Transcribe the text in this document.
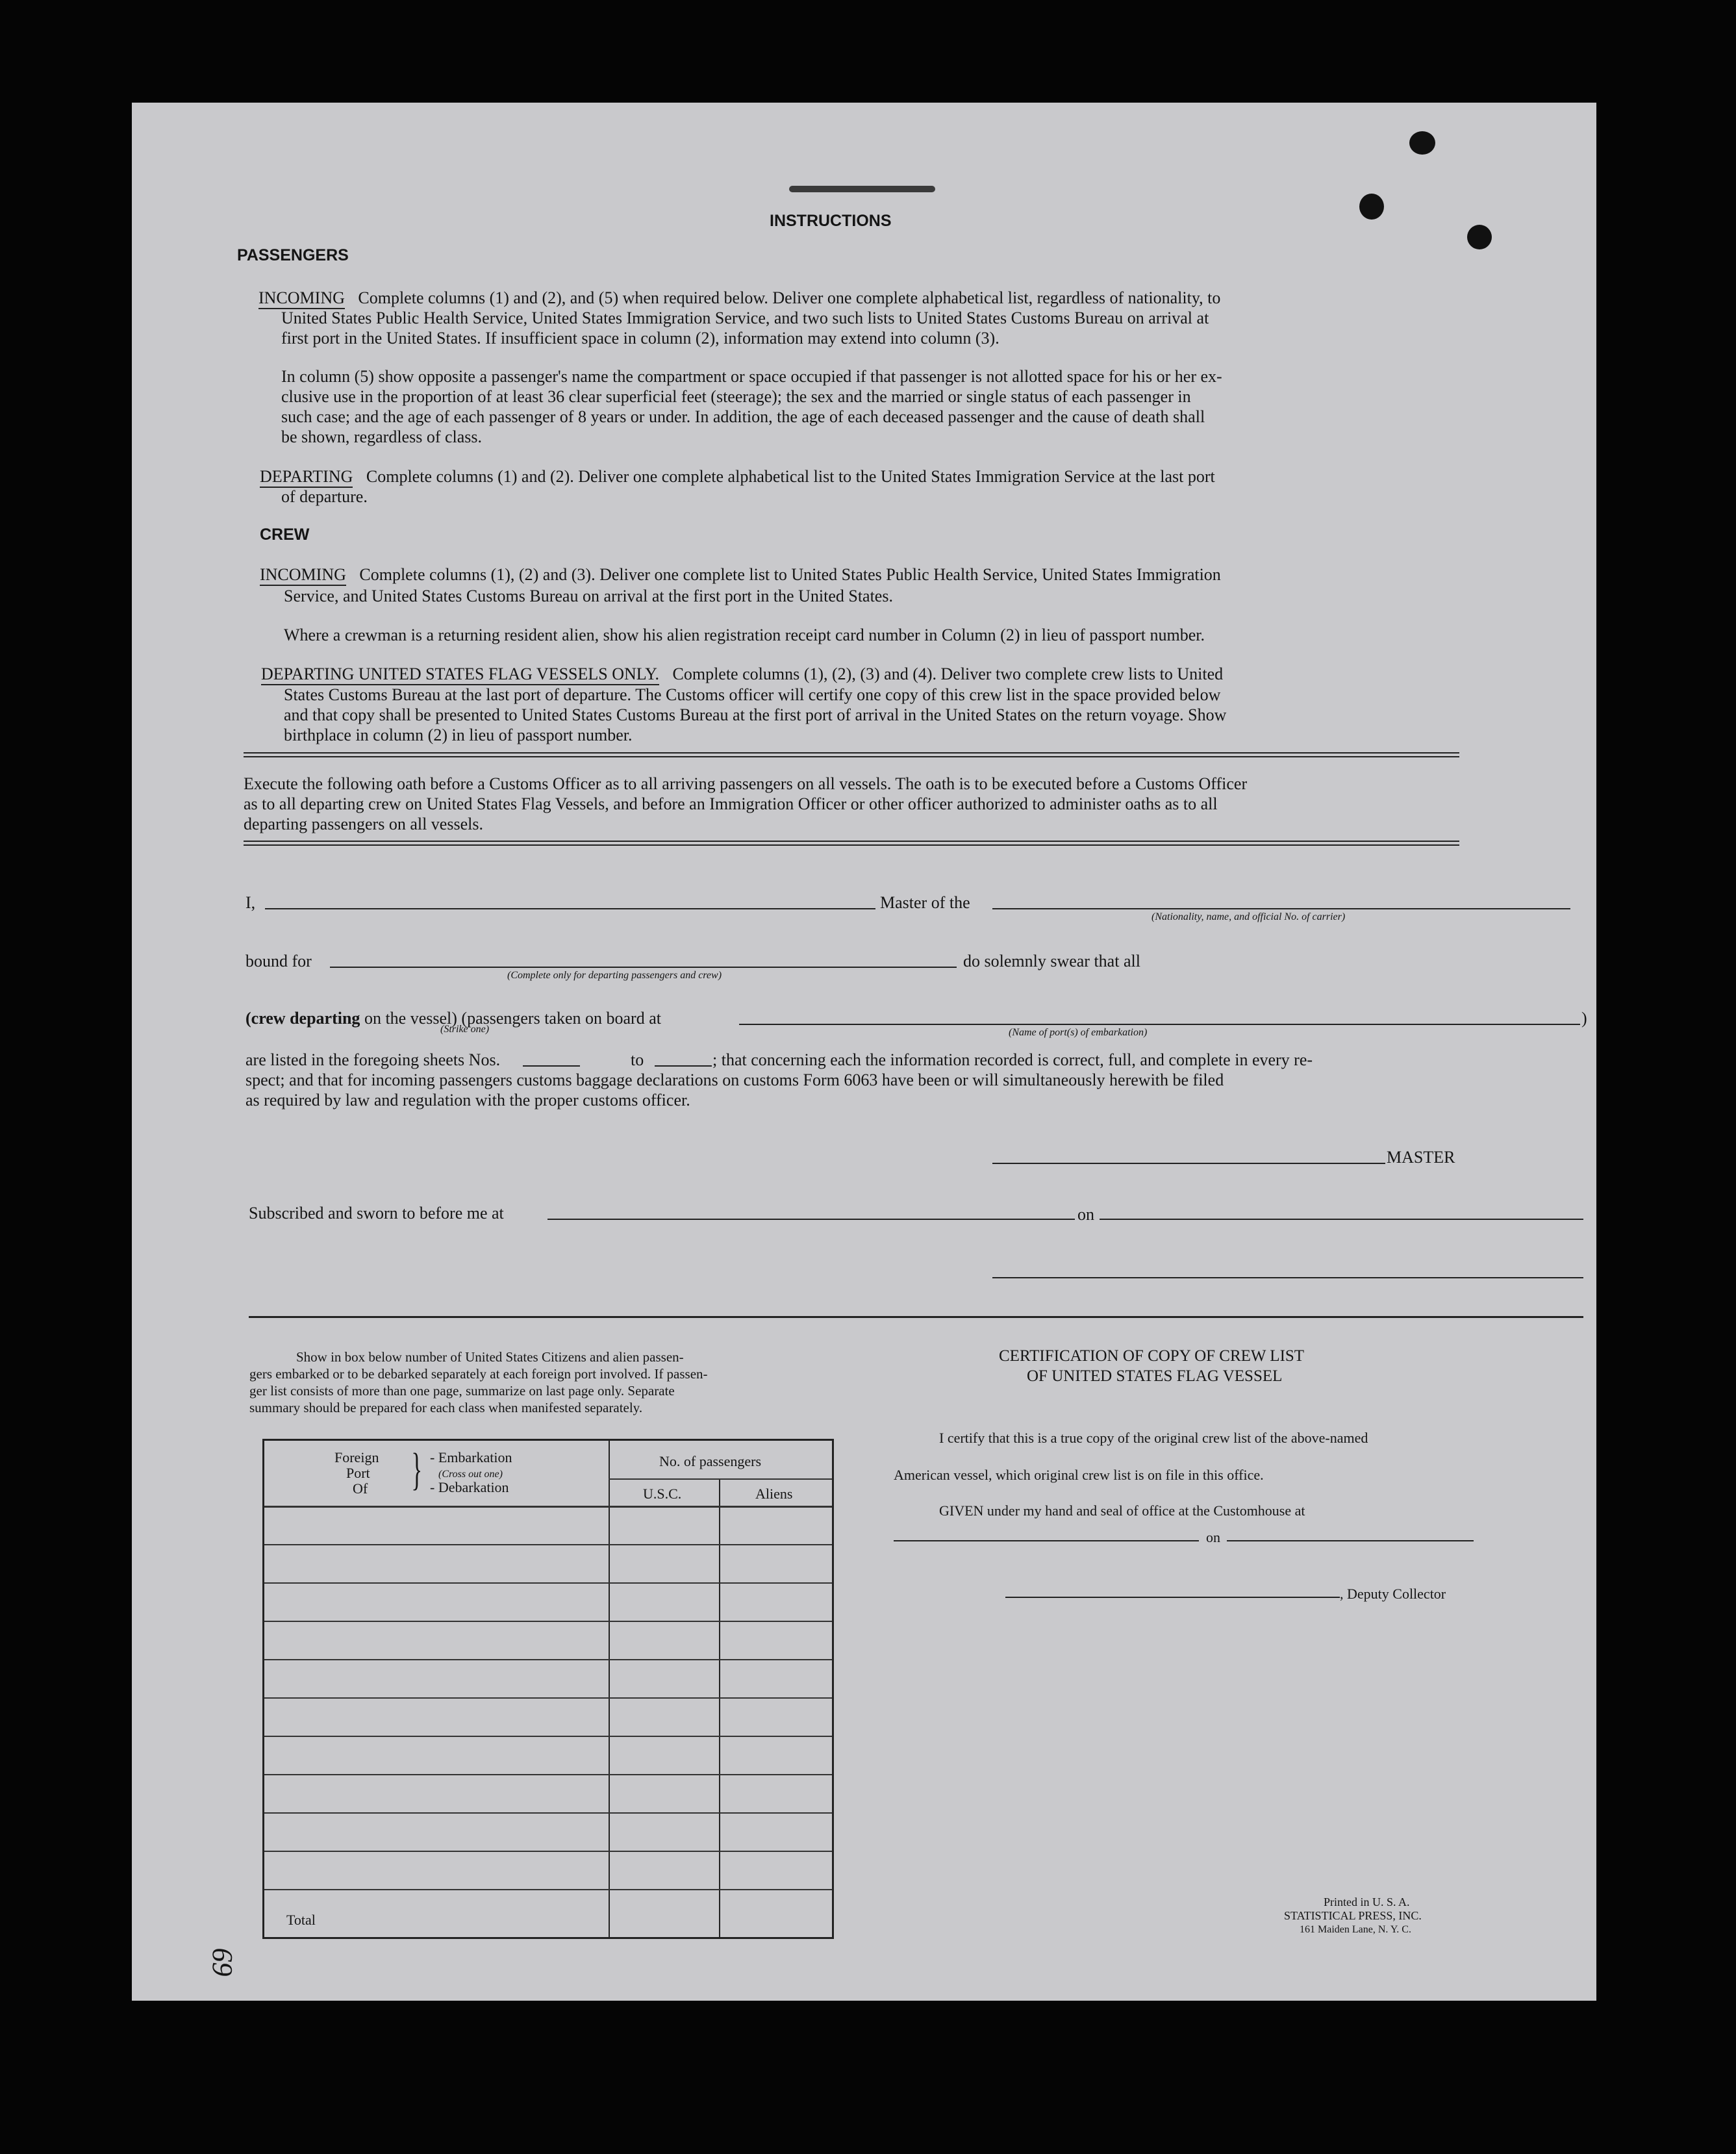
INSTRUCTIONS
PASSENGERS
INCOMING Complete columns (1) and (2), and (5) when required below. Deliver one complete alphabetical list, regardless of nationality, to
United States Public Health Service, United States Immigration Service, and two such lists to United States Customs Bureau on arrival at
first port in the United States. If insufficient space in column (2), information may extend into column (3).
In column (5) show opposite a passenger's name the compartment or space occupied if that passenger is not allotted space for his or her ex-
clusive use in the proportion of at least 36 clear superficial feet (steerage); the sex and the married or single status of each passenger in
such case; and the age of each passenger of 8 years or under. In addition, the age of each deceased passenger and the cause of death shall
be shown, regardless of class.
DEPARTING Complete columns (1) and (2). Deliver one complete alphabetical list to the United States Immigration Service at the last port
of departure.
CREW
INCOMING Complete columns (1), (2) and (3). Deliver one complete list to United States Public Health Service, United States Immigration
Service, and United States Customs Bureau on arrival at the first port in the United States.
Where a crewman is a returning resident alien, show his alien registration receipt card number in Column (2) in lieu of passport number.
DEPARTING UNITED STATES FLAG VESSELS ONLY. Complete columns (1), (2), (3) and (4). Deliver two complete crew lists to United
States Customs Bureau at the last port of departure. The Customs officer will certify one copy of this crew list in the space provided below
and that copy shall be presented to United States Customs Bureau at the first port of arrival in the United States on the return voyage. Show
birthplace in column (2) in lieu of passport number.
Execute the following oath before a Customs Officer as to all arriving passengers on all vessels. The oath is to be executed before a Customs Officer
as to all departing crew on United States Flag Vessels, and before an Immigration Officer or other officer authorized to administer oaths as to all
departing passengers on all vessels.
I,	Master of the
(Nationality, name, and official No. of carrier)
bound for
(Complete only for departing passengers and crew)
do solemnly swear that all
(crew departing on the vessel) (passengers taken on board at
(Strike one)
)
(Name of port(s) of embarkation)
are listed in the foregoing sheets Nos.	to	; that concerning each the information recorded is correct, full, and complete in every re-
spect; and that for incoming passengers customs baggage declarations on customs Form 6063 have been or will simultaneously herewith be filed
as required by law and regulation with the proper customs officer.
MASTER
Subscribed and sworn to before me at	on
Show in box below number of United States Citizens and alien passen-
gers embarked or to be debarked separately at each foreign port involved. If passen-
ger list consists of more than one page, summarize on last page only. Separate
summary should be prepared for each class when manifested separately.
CERTIFICATION OF COPY OF CREW LIST
OF UNITED STATES FLAG VESSEL
I certify that this is a true copy of the original crew list of the above-named
American vessel, which original crew list is on file in this office.
GIVEN under my hand and seal of office at the Customhouse at
on
, Deputy Collector
Printed in U. S. A.
STATISTICAL PRESS, INC.
161 Maiden Lane, N. Y. C.
69
Foreign
Port
Of } - Embarkation
(Cross out one)
- Debarkation
No. of passengers
U.S.C.	Aliens
Total
